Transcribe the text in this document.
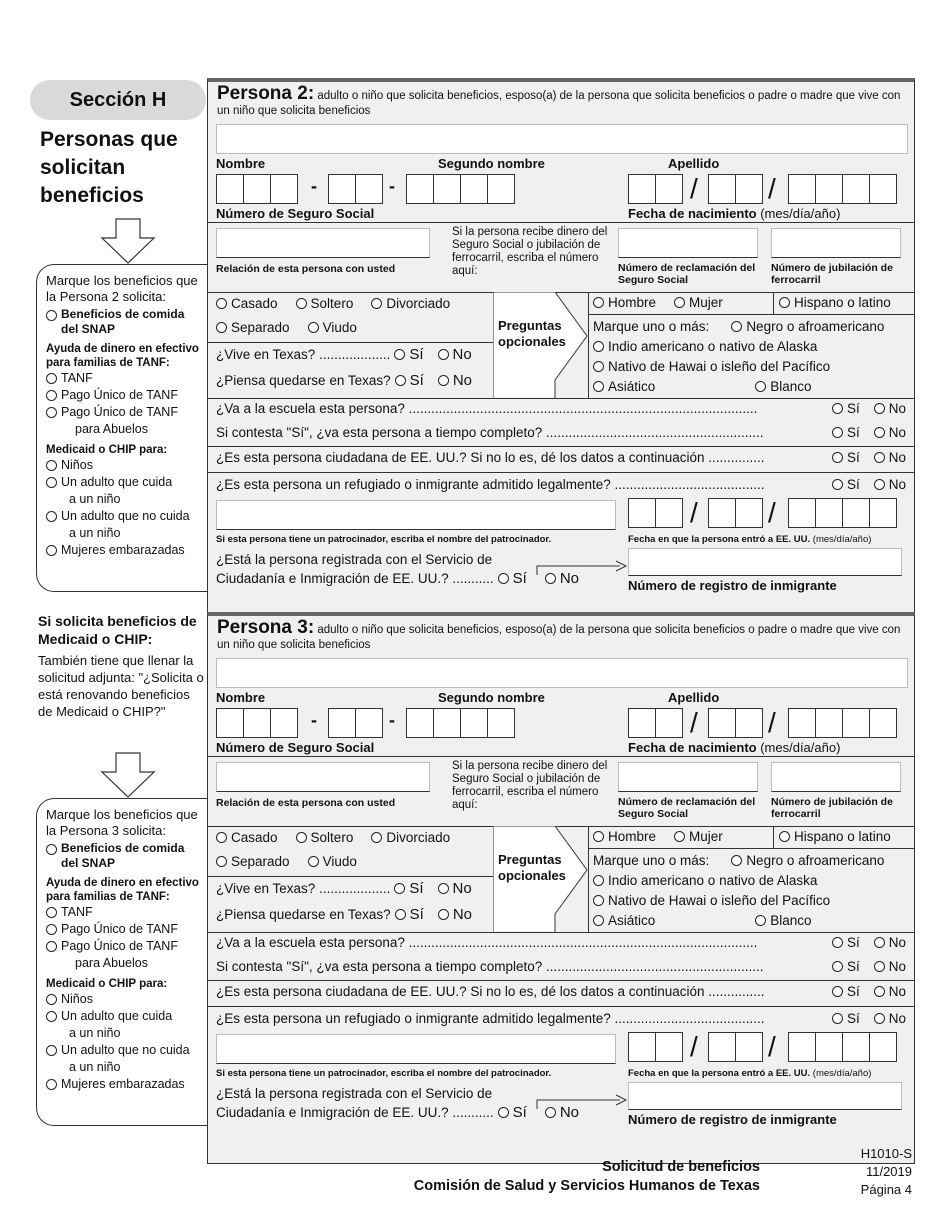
Sección H
Personas que solicitan beneficios
Marque los beneficios que la Persona 2 solicita:
Beneficios de comida
del SNAP
Ayuda de dinero en efectivo para familias de TANF:
TANF
Pago Único de TANF
Pago Único de TANF
para Abuelos
Medicaid o CHIP para:
Niños
Un adulto que cuida
a un niño
Un adulto que no cuida
a un niño
Mujeres embarazadas
Si solicita beneficios de Medicaid o CHIP:
También tiene que llenar la solicitud adjunta: "¿Solicita o está renovando beneficios de Medicaid o CHIP?"
Marque los beneficios que la Persona 3 solicita:
Beneficios de comida
del SNAP
Ayuda de dinero en efectivo para familias de TANF:
TANF
Pago Único de TANF
Pago Único de TANF
para Abuelos
Medicaid o CHIP para:
Niños
Un adulto que cuida
a un niño
Un adulto que no cuida
a un niño
Mujeres embarazadas
Persona 2: adulto o niño que solicita beneficios, esposo(a) de la persona que solicita beneficios o padre o madre que vive con un niño que solicita beneficios
Nombre	Segundo nombre	Apellido
-	-	/	/
Número de Seguro Social	Fecha de nacimiento (mes/día/año)
Relación de esta persona con usted
Si la persona recibe dinero del Seguro Social o jubilación de ferrocarril, escriba el número aquí:	Número de reclamación del Seguro Social
Número de jubilación de ferrocarril
Casado Soltero Divorciado
Separado Viudo
¿Vive en Texas? ................... Sí No
¿Piensa quedarse en Texas? Sí No
Preguntas opcionales
Hombre Mujer	Hispano o latino
Marque uno o más:	Negro o afroamericano
Indio americano o nativo de Alaska
Nativo de Hawai o isleño del Pacífico
Asiático	Blanco
¿Va a la escuela esta persona? .............................................................................................	Sí No
Si contesta "Sí", ¿va esta persona a tiempo completo? ..........................................................	Sí No
¿Es esta persona ciudadana de EE. UU.? Si no lo es, dé los datos a continuación ...............	Sí No
¿Es esta persona un refugiado o inmigrante admitido legalmente? ........................................	Sí No
Si esta persona tiene un patrocinador, escriba el nombre del patrocinador.
/	/
Fecha en que la persona entró a EE. UU. (mes/día/año)
¿Está la persona registrada con el Servicio de
Ciudadanía e Inmigración de EE. UU.? ........... Sí No	Número de registro de inmigrante
Persona 3: adulto o niño que solicita beneficios, esposo(a) de la persona que solicita beneficios o padre o madre que vive con un niño que solicita beneficios
Nombre	Segundo nombre	Apellido
-	-	/	/
Número de Seguro Social	Fecha de nacimiento (mes/día/año)
Relación de esta persona con usted
Si la persona recibe dinero del Seguro Social o jubilación de ferrocarril, escriba el número aquí:	Número de reclamación del Seguro Social
Número de jubilación de ferrocarril
Casado Soltero Divorciado
Separado Viudo
¿Vive en Texas? ................... Sí No
¿Piensa quedarse en Texas? Sí No
Preguntas opcionales
Hombre Mujer	Hispano o latino
Marque uno o más:	Negro o afroamericano
Indio americano o nativo de Alaska
Nativo de Hawai o isleño del Pacífico
Asiático	Blanco
¿Va a la escuela esta persona? .............................................................................................	Sí No
Si contesta "Sí", ¿va esta persona a tiempo completo? ..........................................................	Sí No
¿Es esta persona ciudadana de EE. UU.? Si no lo es, dé los datos a continuación ...............	Sí No
¿Es esta persona un refugiado o inmigrante admitido legalmente? ........................................	Sí No
Si esta persona tiene un patrocinador, escriba el nombre del patrocinador.
/	/
Fecha en que la persona entró a EE. UU. (mes/día/año)
¿Está la persona registrada con el Servicio de
Ciudadanía e Inmigración de EE. UU.? ........... Sí No	Número de registro de inmigrante
Solicitud de beneficios
Comisión de Salud y Servicios Humanos de Texas
H1010-S
11/2019
Página 4
